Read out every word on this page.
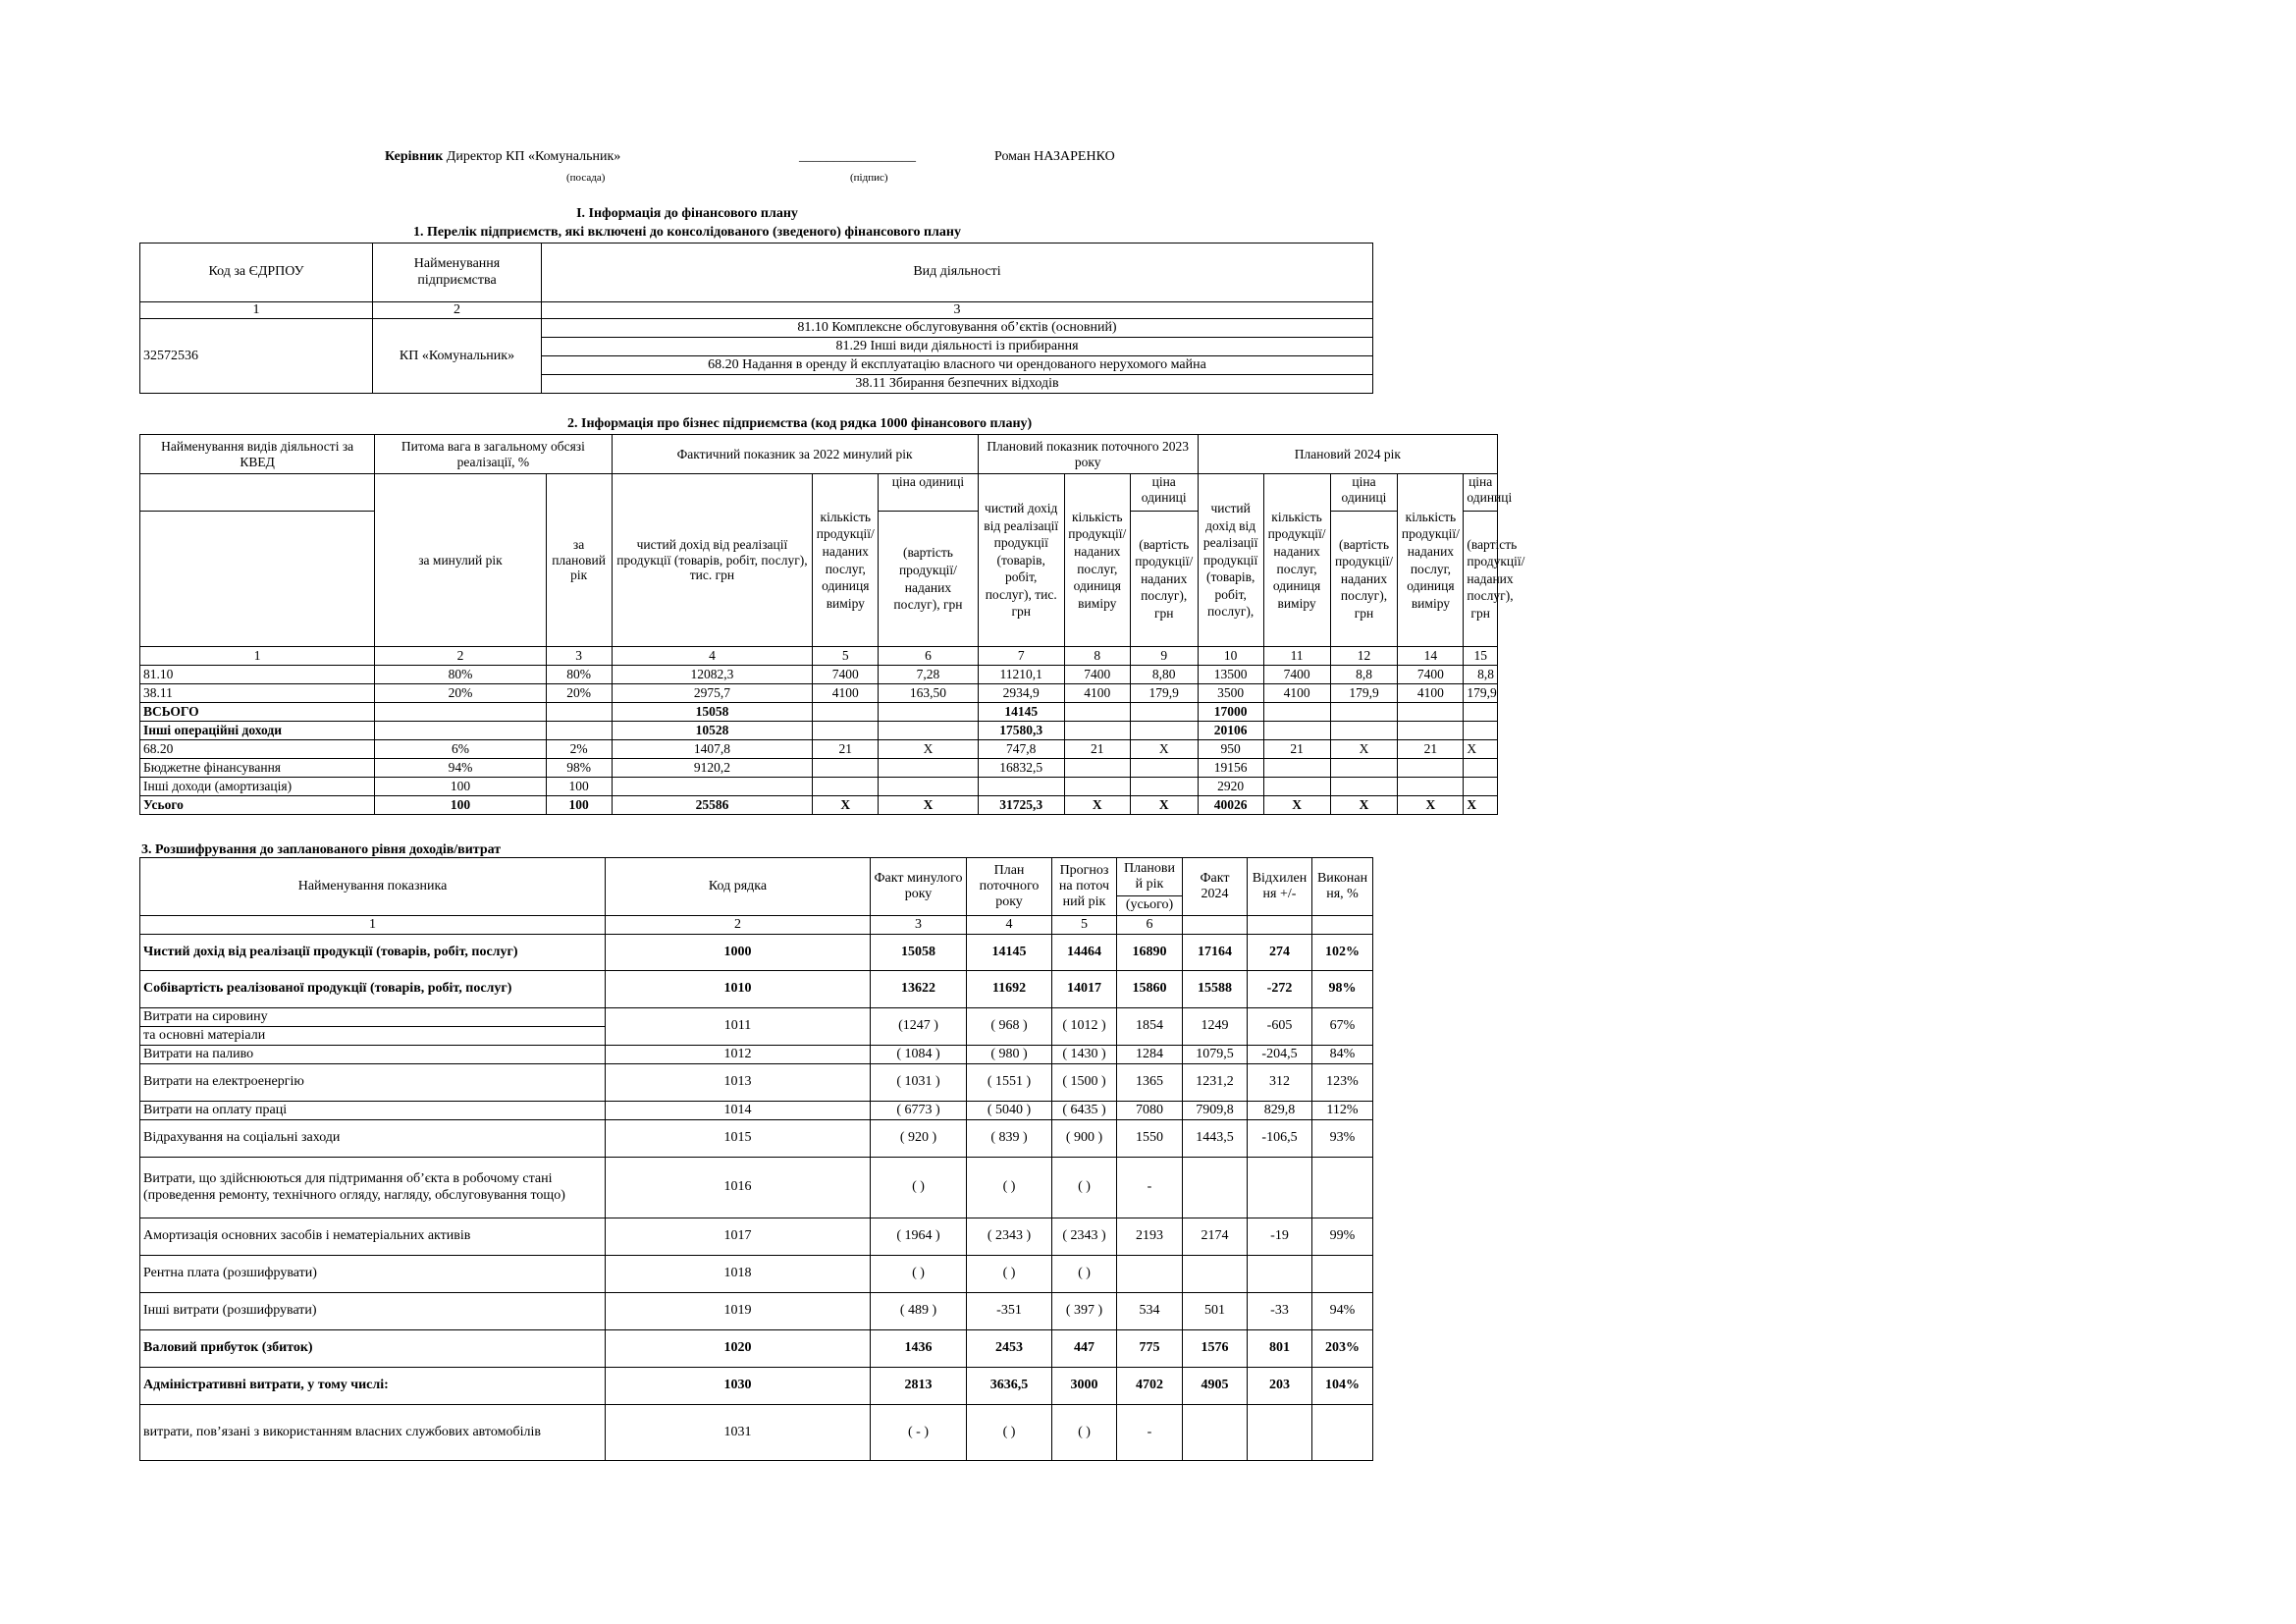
Керівник Директор КП «Комунальник»	_________________	Роман НАЗАРЕНКО
(посада)	(підпис)
I. Інформація до фінансового плану
1. Перелік підприємств, які включені до консолідованого (зведеного) фінансового плану
Код за ЄДРПОУ	Найменування підприємства	Вид діяльності
1	2	3
32572536	КП «Комунальник»	81.10 Комплексне обслуговування об’єктів (основний)
		81.29 Інші види діяльності із прибирання
		68.20 Надання в оренду й експлуатацію власного чи орендованого нерухомого майна
		38.11 Збирання безпечних відходів
2. Інформація про бізнес підприємства (код рядка 1000 фінансового плану)
Найменування видів діяльності за КВЕД	Питома вага в загальному обсязі реалізації, %		Фактичний показник за 2022 минулий рік			Плановий показник поточного 2023 року			Плановий 2024 рік				
	за минулий рік	за плановий рік	чистий дохід від реалізації продукції (товарів, робіт, послуг), тис. грн	кількість продукції/ наданих послуг, одиниця виміру	ціна одиниці	чистий дохід від реалізації продукції (товарів, робіт, послуг), тис. грн	кількість продукції/ наданих послуг, одиниця виміру	ціна одиниці	чистий дохід від реалізації продукції (товарів, робіт, послуг),	кількість продукції/ наданих послуг, одиниця виміру	ціна одиниці	кількість продукції/ наданих послуг, одиниця виміру	ціна одиниці
					(вартість продукції/ наданих послуг), грн			(вартість продукції/ наданих послуг), грн			(вартість продукції/ наданих послуг), грн		(вартість продукції/ наданих послуг), грн
1	2	3	4	5	6	7	8	9	10	11	12	14	15
81.10	80%	80%	12082,3	7400	7,28	11210,1	7400	8,80	13500	7400	8,8	7400	8,8
38.11	20%	20%	2975,7	4100	163,50	2934,9	4100	179,9	3500	4100	179,9	4100	179,9
ВСЬОГО			15058			14145			17000				
Інші операційні доходи			10528			17580,3			20106				
68.20	6%	2%	1407,8	21	Х	747,8	21	Х	950	21	Х	21	Х
Бюджетне фінансування	94%	98%	9120,2			16832,5			19156				
Інші доходи (амортизація)	100	100							2920				
Усього	100	100	25586	Х	Х	31725,3	Х	Х	40026	Х	Х	Х	Х
3. Розшифрування до запланованого рівня доходів/витрат
Найменування показника	Код рядка	Факт минулого року	План поточного року	Прогноз на поточ ний рік	Планови й рік	Факт 2024	Відхилен ня +/-	Виконан ня, %
					(усього)			
1	2	3	4	5	6			
Чистий дохід від реалізації продукції (товарів, робіт, послуг)	1000	15058	14145	14464	16890	17164	274	102%
Собівартість реалізованої продукції (товарів, робіт, послуг)	1010	13622	11692	14017	15860	15588	-272	98%

Витрати на сировину
та основні матеріали	1011	(1247 )	( 968 )	( 1012 )	1854	1249	-605	67%
Витрати на паливо	1012	( 1084 )	( 980 )	( 1430 )	1284	1079,5	-204,5	84%
Витрати на електроенергію	1013	( 1031 )	( 1551 )	( 1500 )	1365	1231,2	312	123%
Витрати на оплату праці	1014	( 6773 )	( 5040 )	( 6435 )	7080	7909,8	829,8	112%
Відрахування на соціальні заходи	1015	( 920 )	( 839 )	( 900 )	1550	1443,5	-106,5	93%
Витрати, що здійснюються для підтримання об’єкта в робочому стані (проведення ремонту, технічного огляду, нагляду, обслуговування тощо)	1016	( )	( )	( )	-			
Амортизація основних засобів і нематеріальних активів	1017	( 1964 )	( 2343 )	( 2343 )	2193	2174	-19	99%
Рентна плата (розшифрувати)	1018	( )	( )	( )				
Інші витрати (розшифрувати)	1019	( 489 )	-351	( 397 )	534	501	-33	94%
Валовий прибуток (збиток)	1020	1436	2453	447	775	1576	801	203%
Адміністративні витрати, у тому числі:	1030	2813	3636,5	3000	4702	4905	203	104%
витрати, пов’язані з використанням власних службових автомобілів	1031	( - )	( )	( )	-			
